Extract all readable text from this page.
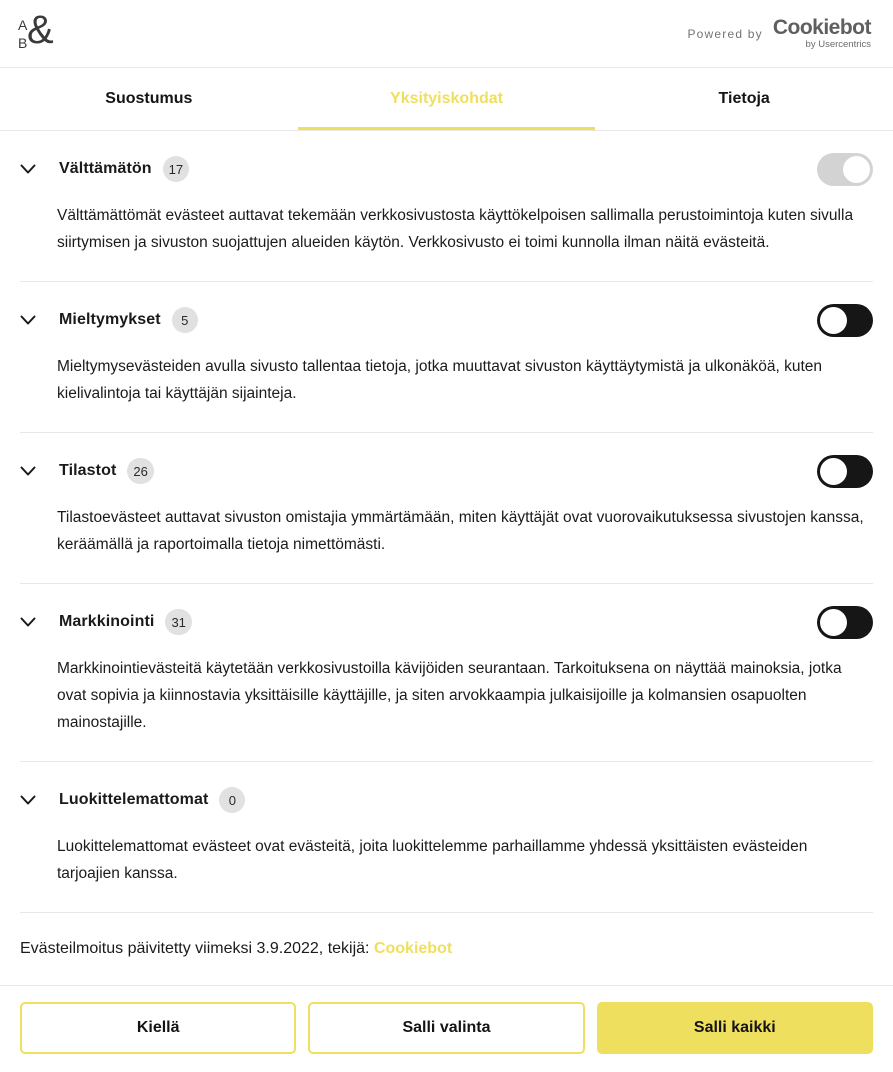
A
B &	Powered by Cookiebot
by Usercentrics
Suostumus	Yksityiskohdat	Tietoja
Välttämätön	17

Välttämättömät evästeet auttavat tekemään verkkosivustosta käyttökelpoisen sallimalla perustoimintoja kuten sivulla siirtymisen ja sivuston suojattujen alueiden käytön. Verkkosivusto ei toimi kunnolla ilman näitä evästeitä.

Mieltymykset	5

Mieltymysevästeiden avulla sivusto tallentaa tietoja, jotka muuttavat sivuston käyttäytymistä ja ulkonäköä, kuten kielivalintoja tai käyttäjän sijainteja.

Tilastot	26

Tilastoevästeet auttavat sivuston omistajia ymmärtämään, miten käyttäjät ovat vuorovaikutuksessa sivustojen kanssa, keräämällä ja raportoimalla tietoja nimettömästi.

Markkinointi	31

Markkinointievästeitä käytetään verkkosivustoilla kävijöiden seurantaan. Tarkoituksena on näyttää mainoksia, jotka ovat sopivia ja kiinnostavia yksittäisille käyttäjille, ja siten arvokkaampia julkaisijoille ja kolmansien osapuolten mainostajille.

Luokittelemattomat	0

Luokittelemattomat evästeet ovat evästeitä, joita luokittelemme parhaillamme yhdessä yksittäisten evästeiden tarjoajien kanssa.

Evästeilmoitus päivitetty viimeksi 3.9.2022, tekijä: Cookiebot
Kiellä	Salli valinta	Salli kaikki
